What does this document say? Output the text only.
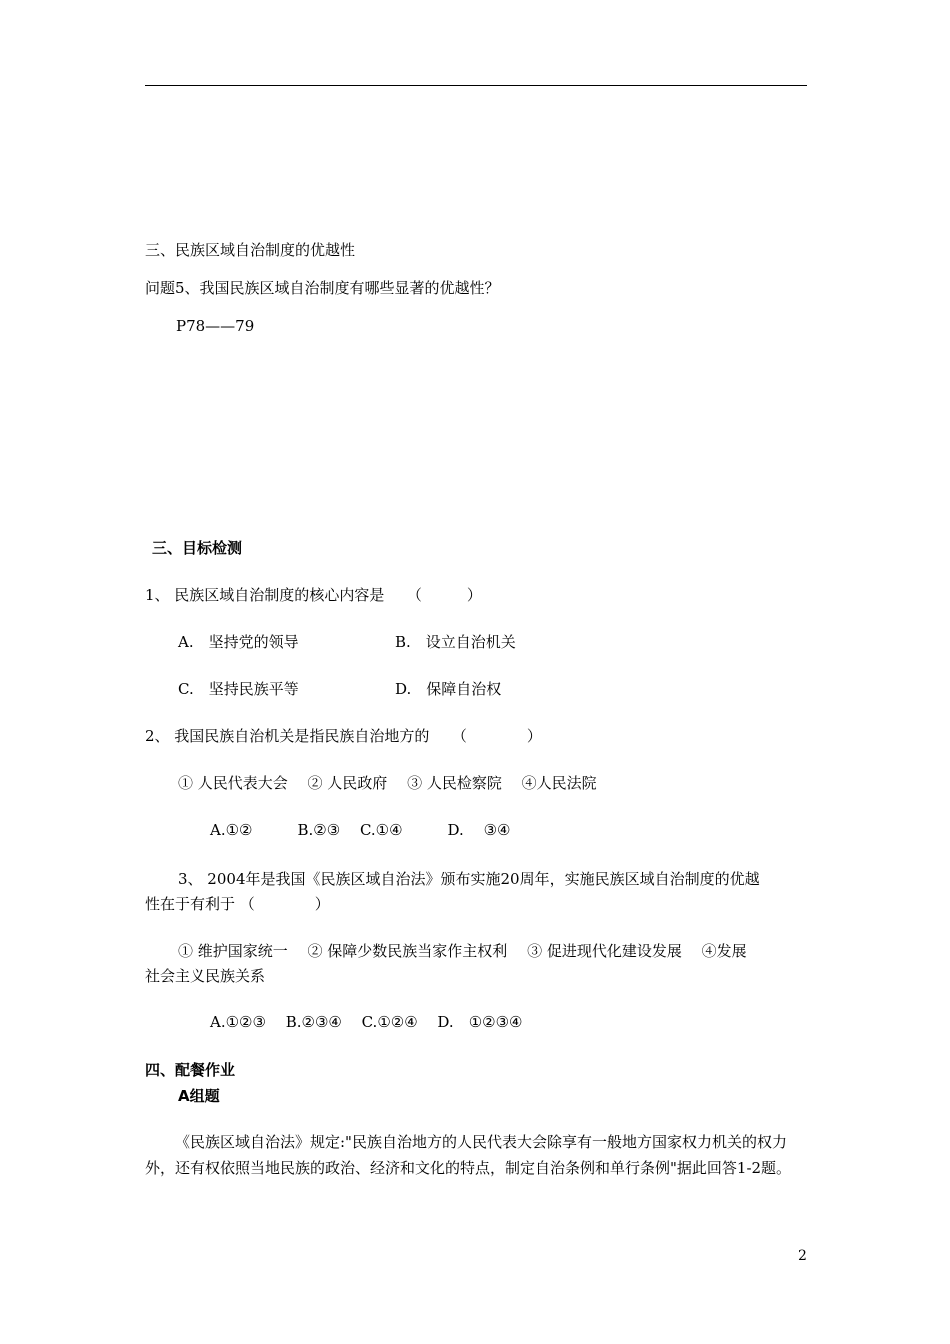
三、民族区域自治制度的优越性
问题5、我国民族区域自治制度有哪些显著的优越性？
P78——79
三、目标检测
1、 民族区域自治制度的核心内容是　　（　　　）
A.　坚持党的领导	B.　设立自治机关
C.　坚持民族平等	D.　保障自治权
2、 我国民族自治机关是指民族自治地方的　　（　　　　）
① 人民代表大会　 ② 人民政府　 ③ 人民检察院　 ④人民法院
A.①②　　　B.②③　 C.①④　　　D.　 ③④
3、 2004年是我国《民族区域自治法》颁布实施20周年，实施民族区域自治制度的优越
性在于有利于 （　　　　）
① 维护国家统一　 ② 保障少数民族当家作主权利　 ③ 促进现代化建设发展　 ④发展
社会主义民族关系
A.①②③　 B.②③④　 C.①②④　 D.　①②③④
四、配餐作业
A组题
《民族区域自治法》规定:"民族自治地方的人民代表大会除享有一般地方国家权力机关的权力外，还有权依照当地民族的政治、经济和文化的特点，制定自治条例和单行条例"据此回答1-2题。
2
